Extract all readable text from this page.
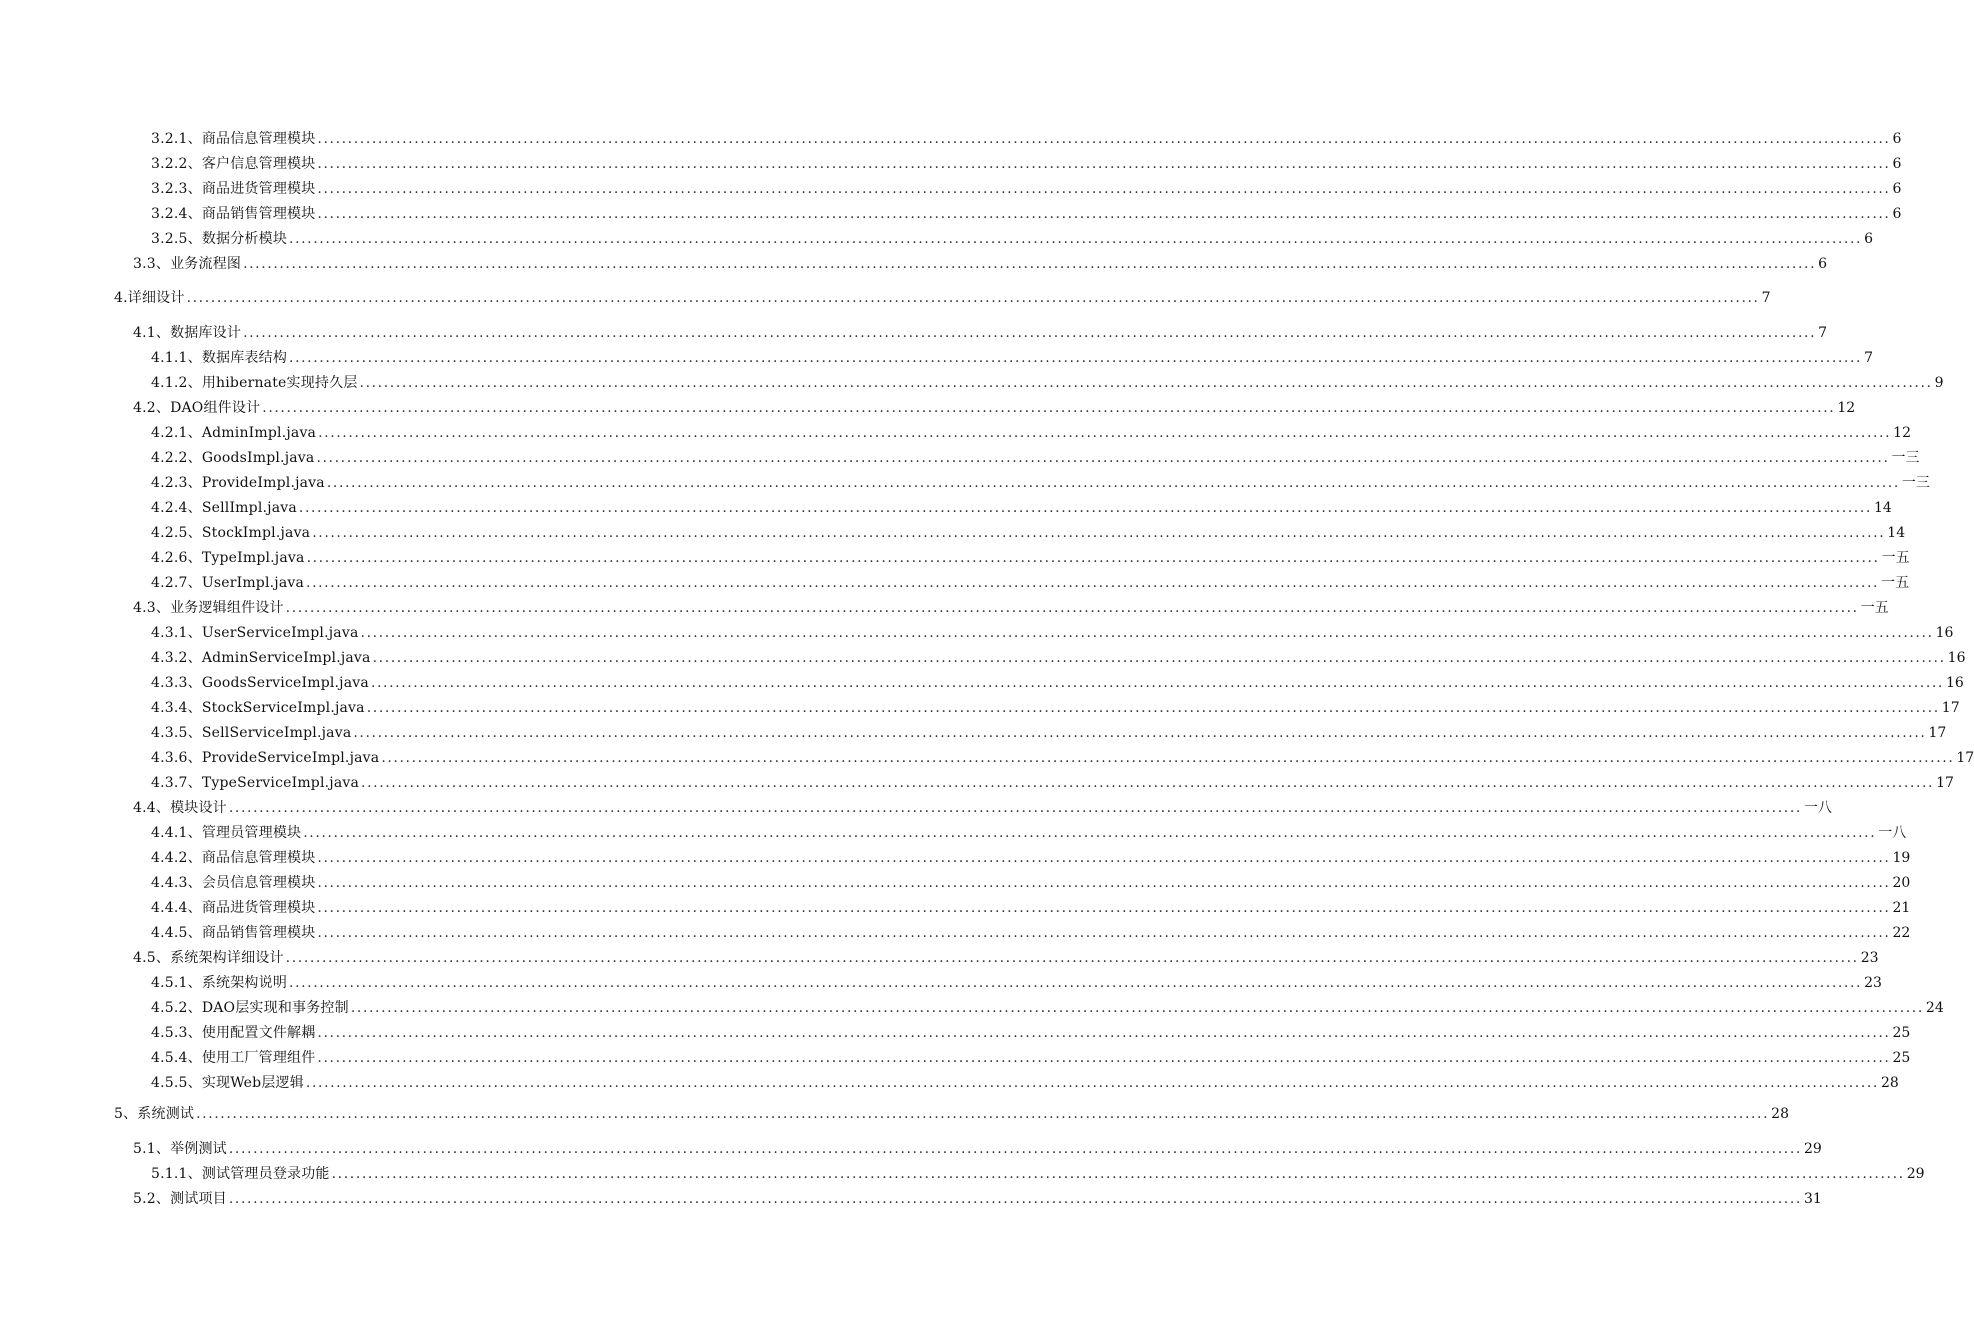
3.2.1、商品信息管理模块 .................................................................................................................................................................................................................................................................... 6
3.2.2、客户信息管理模块 .................................................................................................................................................................................................................................................................... 6
3.2.3、商品进货管理模块 .................................................................................................................................................................................................................................................................... 6
3.2.4、商品销售管理模块 .................................................................................................................................................................................................................................................................... 6
3.2.5、数据分析模块 .................................................................................................................................................................................................................................................................... 6
3.3、业务流程图 .................................................................................................................................................................................................................................................................... 6
4.详细设计 .................................................................................................................................................................................................................................................................... 7
4.1、数据库设计 .................................................................................................................................................................................................................................................................... 7
4.1.1、数据库表结构 .................................................................................................................................................................................................................................................................... 7
4.1.2、用hibernate实现持久层 .................................................................................................................................................................................................................................................................... 9
4.2、DAO组件设计 .................................................................................................................................................................................................................................................................... 12
4.2.1、AdminImpl.java .................................................................................................................................................................................................................................................................... 12
4.2.2、GoodsImpl.java .................................................................................................................................................................................................................................................................... 一三
4.2.3、ProvideImpl.java .................................................................................................................................................................................................................................................................... 一三
4.2.4、SellImpl.java .................................................................................................................................................................................................................................................................... 14
4.2.5、StockImpl.java .................................................................................................................................................................................................................................................................... 14
4.2.6、TypeImpl.java .................................................................................................................................................................................................................................................................... 一五
4.2.7、UserImpl.java .................................................................................................................................................................................................................................................................... 一五
4.3、业务逻辑组件设计 .................................................................................................................................................................................................................................................................... 一五
4.3.1、UserServiceImpl.java .................................................................................................................................................................................................................................................................... 16
4.3.2、AdminServiceImpl.java .................................................................................................................................................................................................................................................................... 16
4.3.3、GoodsServiceImpl.java .................................................................................................................................................................................................................................................................... 16
4.3.4、StockServiceImpl.java .................................................................................................................................................................................................................................................................... 17
4.3.5、SellServiceImpl.java .................................................................................................................................................................................................................................................................... 17
4.3.6、ProvideServiceImpl.java .................................................................................................................................................................................................................................................................... 17
4.3.7、TypeServiceImpl.java .................................................................................................................................................................................................................................................................... 17
4.4、模块设计 .................................................................................................................................................................................................................................................................... 一八
4.4.1、管理员管理模块 .................................................................................................................................................................................................................................................................... 一八
4.4.2、商品信息管理模块 .................................................................................................................................................................................................................................................................... 19
4.4.3、会员信息管理模块 .................................................................................................................................................................................................................................................................... 20
4.4.4、商品进货管理模块 .................................................................................................................................................................................................................................................................... 21
4.4.5、商品销售管理模块 .................................................................................................................................................................................................................................................................... 22
4.5、系统架构详细设计 .................................................................................................................................................................................................................................................................... 23
4.5.1、系统架构说明 .................................................................................................................................................................................................................................................................... 23
4.5.2、DAO层实现和事务控制 .................................................................................................................................................................................................................................................................... 24
4.5.3、使用配置文件解耦 .................................................................................................................................................................................................................................................................... 25
4.5.4、使用工厂管理组件 .................................................................................................................................................................................................................................................................... 25
4.5.5、实现Web层逻辑 .................................................................................................................................................................................................................................................................... 28
5、系统测试 .................................................................................................................................................................................................................................................................... 28
5.1、举例测试 .................................................................................................................................................................................................................................................................... 29
5.1.1、测试管理员登录功能 .................................................................................................................................................................................................................................................................... 29
5.2、测试项目 .................................................................................................................................................................................................................................................................... 31
